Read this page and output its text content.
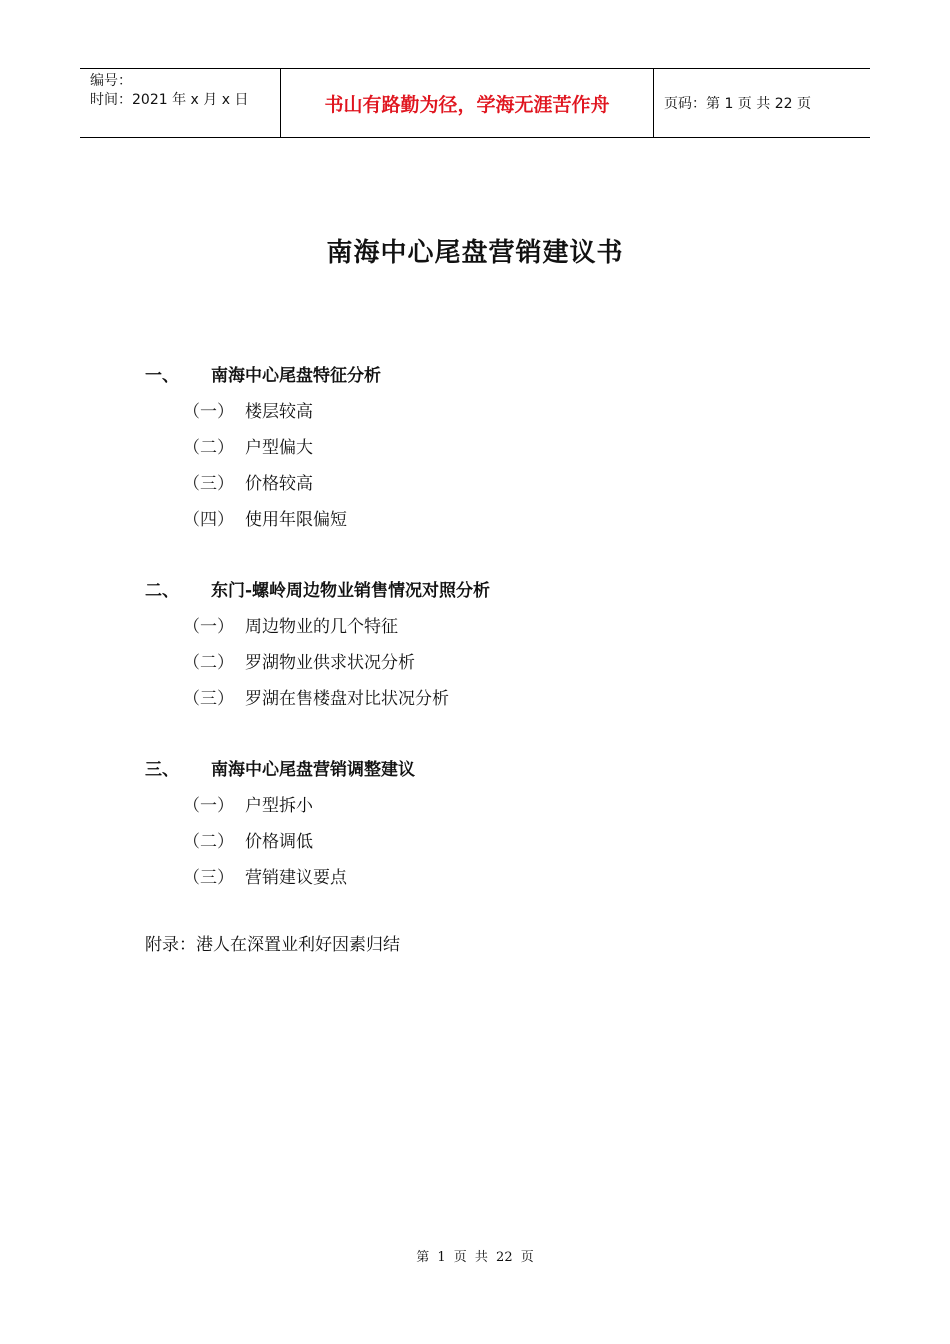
编号：
时间：2021 年 x 月 x 日	书山有路勤为径，学海无涯苦作舟	页码：第 1 页 共 22 页
南海中心尾盘营销建议书
一、	南海中心尾盘特征分析
（一） 楼层较高
（二） 户型偏大
（三） 价格较高
（四） 使用年限偏短
二、	东门-螺岭周边物业销售情况对照分析
（一） 周边物业的几个特征
（二） 罗湖物业供求状况分析
（三） 罗湖在售楼盘对比状况分析
三、	南海中心尾盘营销调整建议
（一） 户型拆小
（二） 价格调低
（三） 营销建议要点
附录：港人在深置业利好因素归结
第 1 页 共 22 页
